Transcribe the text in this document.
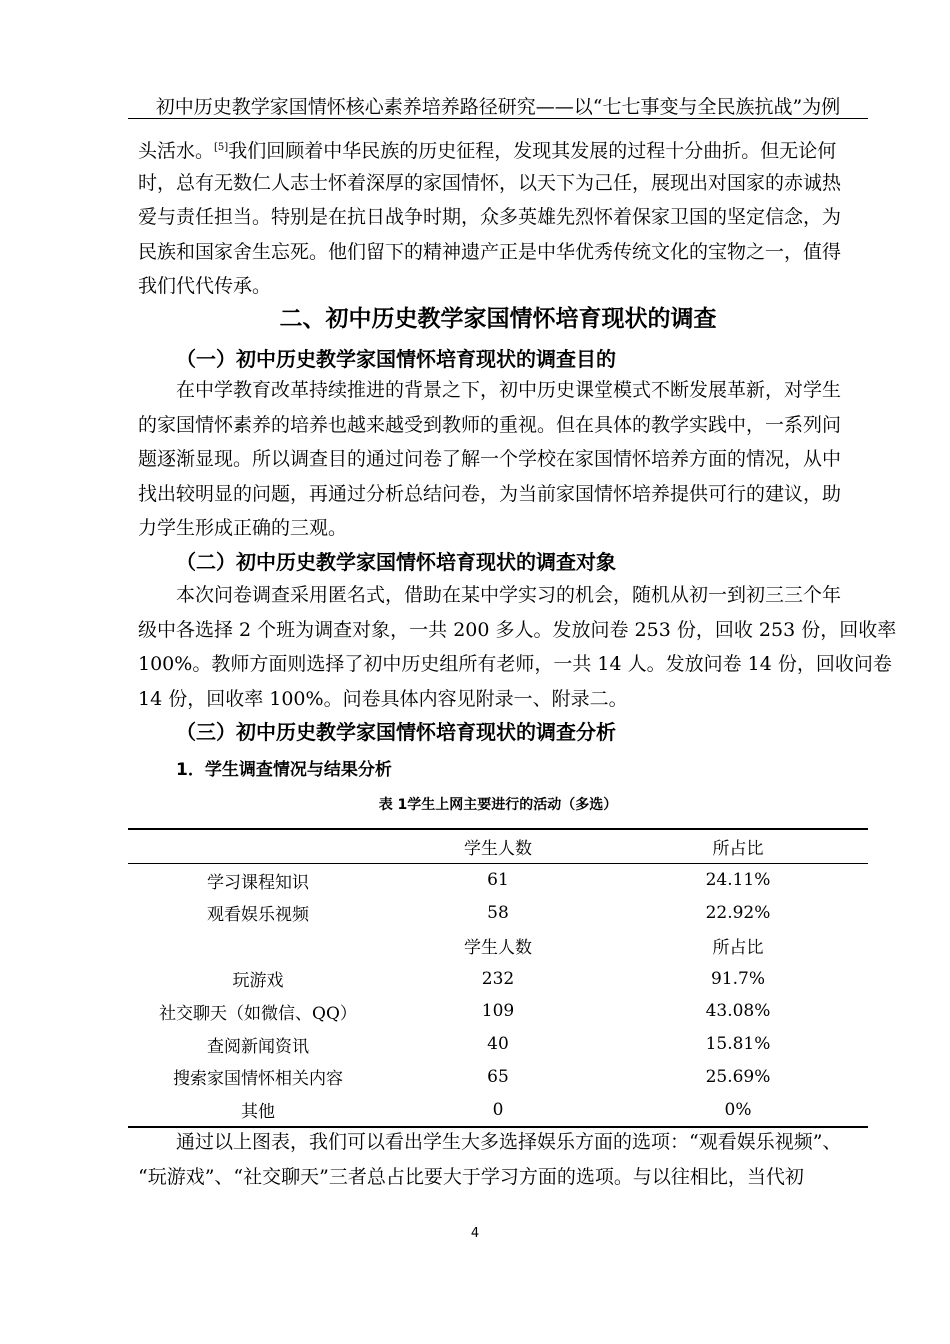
初中历史教学家国情怀核心素养培养路径研究——以“七七事变与全民族抗战”为例
头活水。[5]我们回顾着中华民族的历史征程，发现其发展的过程十分曲折。但无论何
时，总有无数仁人志士怀着深厚的家国情怀，以天下为己任，展现出对国家的赤诚热
爱与责任担当。特别是在抗日战争时期，众多英雄先烈怀着保家卫国的坚定信念，为
民族和国家舍生忘死。他们留下的精神遗产正是中华优秀传统文化的宝物之一，值得
我们代代传承。
二、初中历史教学家国情怀培育现状的调查
（一）初中历史教学家国情怀培育现状的调查目的
在中学教育改革持续推进的背景之下，初中历史课堂模式不断发展革新，对学生
的家国情怀素养的培养也越来越受到教师的重视。但在具体的教学实践中，一系列问
题逐渐显现。所以调查目的通过问卷了解一个学校在家国情怀培养方面的情况，从中
找出较明显的问题，再通过分析总结问卷，为当前家国情怀培养提供可行的建议，助
力学生形成正确的三观。
（二）初中历史教学家国情怀培育现状的调查对象
本次问卷调查采用匿名式，借助在某中学实习的机会，随机从初一到初三三个年
级中各选择 2 个班为调查对象，一共 200 多人。发放问卷 253 份，回收 253 份，回收率
100%。教师方面则选择了初中历史组所有老师，一共 14 人。发放问卷 14 份，回收问卷
14 份，回收率 100%。问卷具体内容见附录一、附录二。
（三）初中历史教学家国情怀培育现状的调查分析
1．学生调查情况与结果分析
表 1学生上网主要进行的活动（多选）
	学生人数	所占比
学习课程知识	61	24.11%
观看娱乐视频	58	22.92%
	学生人数	所占比
玩游戏	232	91.7%
社交聊天（如微信、QQ）	109	43.08%
查阅新闻资讯	40	15.81%
搜索家国情怀相关内容	65	25.69%
其他	0	0%
通过以上图表，我们可以看出学生大多选择娱乐方面的选项：“观看娱乐视频”、
“玩游戏”、“社交聊天”三者总占比要大于学习方面的选项。与以往相比，当代初
4
